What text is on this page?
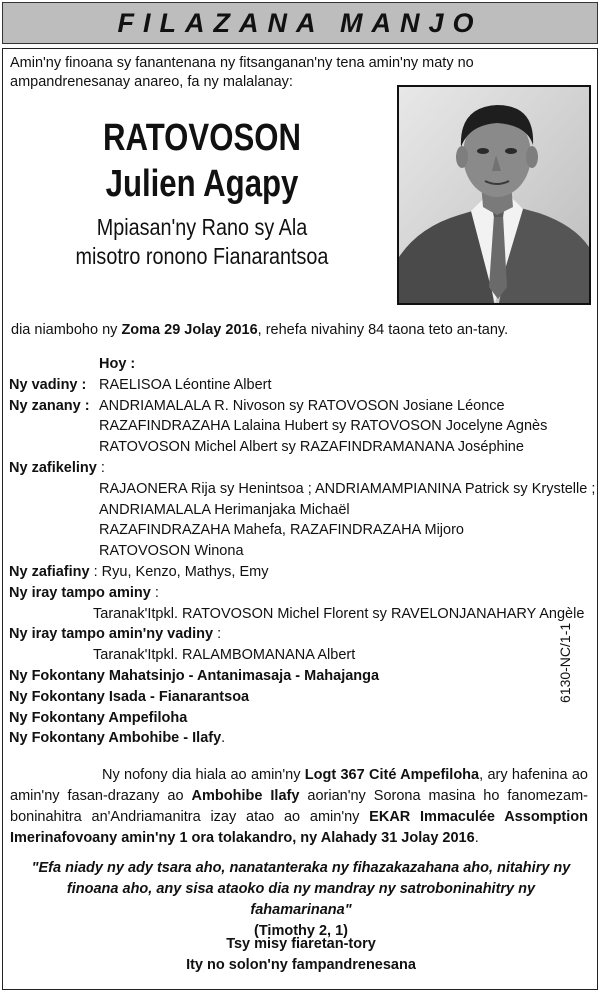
FILAZANA MANJO
Amin'ny finoana sy fanantenana ny fitsanganan'ny tena amin'ny maty no ampandrenesanay anareo, fa ny malalanay:
RATOVOSON
Julien Agapy
Mpiasan'ny Rano sy Ala
misotro ronono Fianarantsoa
dia niamboho ny Zoma 29 Jolay 2016, rehefa nivahiny 84 taona teto an-tany.
Hoy :
Ny vadiny : RAELISOA Léontine Albert
Ny zanany : ANDRIAMALALA R. Nivoson sy RATOVOSON Josiane Léonce
RAZAFINDRAZAHA Lalaina Hubert sy RATOVOSON Jocelyne Agnès
RATOVOSON Michel Albert sy RAZAFINDRAMANANA Joséphine
Ny zafikeliny :
RAJAONERA Rija sy Henintsoa ; ANDRIAMAMPIANINA Patrick sy Krystelle ;
ANDRIAMALALA Herimanjaka Michaël
RAZAFINDRAZAHA Mahefa, RAZAFINDRAZAHA Mijoro
RATOVOSON Winona
Ny zafiafiny : Ryu, Kenzo, Mathys, Emy
Ny iray tampo aminy :
Taranak'Itpkl. RATOVOSON Michel Florent sy RAVELONJANAHARY Angèle
Ny iray tampo amin'ny vadiny :
Taranak'Itpkl. RALAMBOMANANA Albert
Ny Fokontany Mahatsinjo - Antanimasaja - Mahajanga
Ny Fokontany Isada - Fianarantsoa
Ny Fokontany Ampefiloha
Ny Fokontany Ambohibe - Ilafy.
6130-NC/1-1

Ny nofony dia hiala ao amin'ny Logt 367 Cité Ampefiloha, ary hafenina ao amin'ny fasan-drazany ao Ambohibe Ilafy aorian'ny Sorona masina ho fanomezam-boninahitra an'Andriamanitra izay atao ao amin'ny EKAR Immaculée Assomption Imerinafovoany amin'ny 1 ora tolakandro, ny Alahady 31 Jolay 2016.

"Efa niady ny ady tsara aho, nanatanteraka ny fihazakazahana aho, nitahiry ny finoana aho, any sisa ataoko dia ny mandray ny satroboninahitry ny fahamarinana"
(Timothy 2, 1)
Tsy misy fiaretan-tory
Ity no solon'ny fampandrenesana
